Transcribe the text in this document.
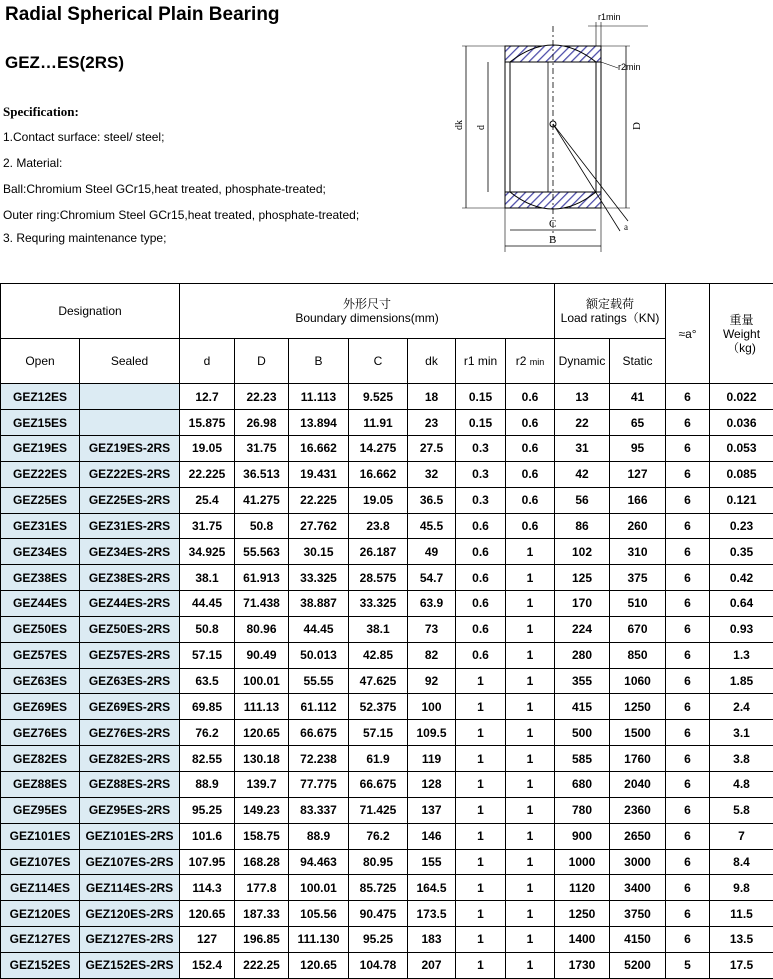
Radial Spherical Plain Bearing
GEZ…ES(2RS)
Specification:
1.Contact surface: steel/ steel;
2. Material:
Ball:Chromium Steel GCr15,heat treated, phosphate-treated;
Outer ring:Chromium Steel GCr15,heat treated, phosphate-treated;
3. Requring maintenance type;
r1min
r2min
dk d	D
C
B
a
Designation		外形尺寸
Boundary dimensions(mm)							额定载荷
Load ratings（KN)		≈a°	重量
Weight
（kg)
Open	Sealed	d	D	B	C	dk	r1 min	r2 min	Dynamic	Static		
GEZ12ES		12.7	22.23	11.113	9.525	18	0.15	0.6	13	41	6	0.022
GEZ15ES		15.875	26.98	13.894	11.91	23	0.15	0.6	22	65	6	0.036
GEZ19ES	GEZ19ES-2RS	19.05	31.75	16.662	14.275	27.5	0.3	0.6	31	95	6	0.053
GEZ22ES	GEZ22ES-2RS	22.225	36.513	19.431	16.662	32	0.3	0.6	42	127	6	0.085
GEZ25ES	GEZ25ES-2RS	25.4	41.275	22.225	19.05	36.5	0.3	0.6	56	166	6	0.121
GEZ31ES	GEZ31ES-2RS	31.75	50.8	27.762	23.8	45.5	0.6	0.6	86	260	6	0.23
GEZ34ES	GEZ34ES-2RS	34.925	55.563	30.15	26.187	49	0.6	1	102	310	6	0.35
GEZ38ES	GEZ38ES-2RS	38.1	61.913	33.325	28.575	54.7	0.6	1	125	375	6	0.42
GEZ44ES	GEZ44ES-2RS	44.45	71.438	38.887	33.325	63.9	0.6	1	170	510	6	0.64
GEZ50ES	GEZ50ES-2RS	50.8	80.96	44.45	38.1	73	0.6	1	224	670	6	0.93
GEZ57ES	GEZ57ES-2RS	57.15	90.49	50.013	42.85	82	0.6	1	280	850	6	1.3
GEZ63ES	GEZ63ES-2RS	63.5	100.01	55.55	47.625	92	1	1	355	1060	6	1.85
GEZ69ES	GEZ69ES-2RS	69.85	111.13	61.112	52.375	100	1	1	415	1250	6	2.4
GEZ76ES	GEZ76ES-2RS	76.2	120.65	66.675	57.15	109.5	1	1	500	1500	6	3.1
GEZ82ES	GEZ82ES-2RS	82.55	130.18	72.238	61.9	119	1	1	585	1760	6	3.8
GEZ88ES	GEZ88ES-2RS	88.9	139.7	77.775	66.675	128	1	1	680	2040	6	4.8
GEZ95ES	GEZ95ES-2RS	95.25	149.23	83.337	71.425	137	1	1	780	2360	6	5.8
GEZ101ES	GEZ101ES-2RS	101.6	158.75	88.9	76.2	146	1	1	900	2650	6	7
GEZ107ES	GEZ107ES-2RS	107.95	168.28	94.463	80.95	155	1	1	1000	3000	6	8.4
GEZ114ES	GEZ114ES-2RS	114.3	177.8	100.01	85.725	164.5	1	1	1120	3400	6	9.8
GEZ120ES	GEZ120ES-2RS	120.65	187.33	105.56	90.475	173.5	1	1	1250	3750	6	11.5
GEZ127ES	GEZ127ES-2RS	127	196.85	111.130	95.25	183	1	1	1400	4150	6	13.5
GEZ152ES	GEZ152ES-2RS	152.4	222.25	120.65	104.78	207	1	1	1730	5200	5	17.5
